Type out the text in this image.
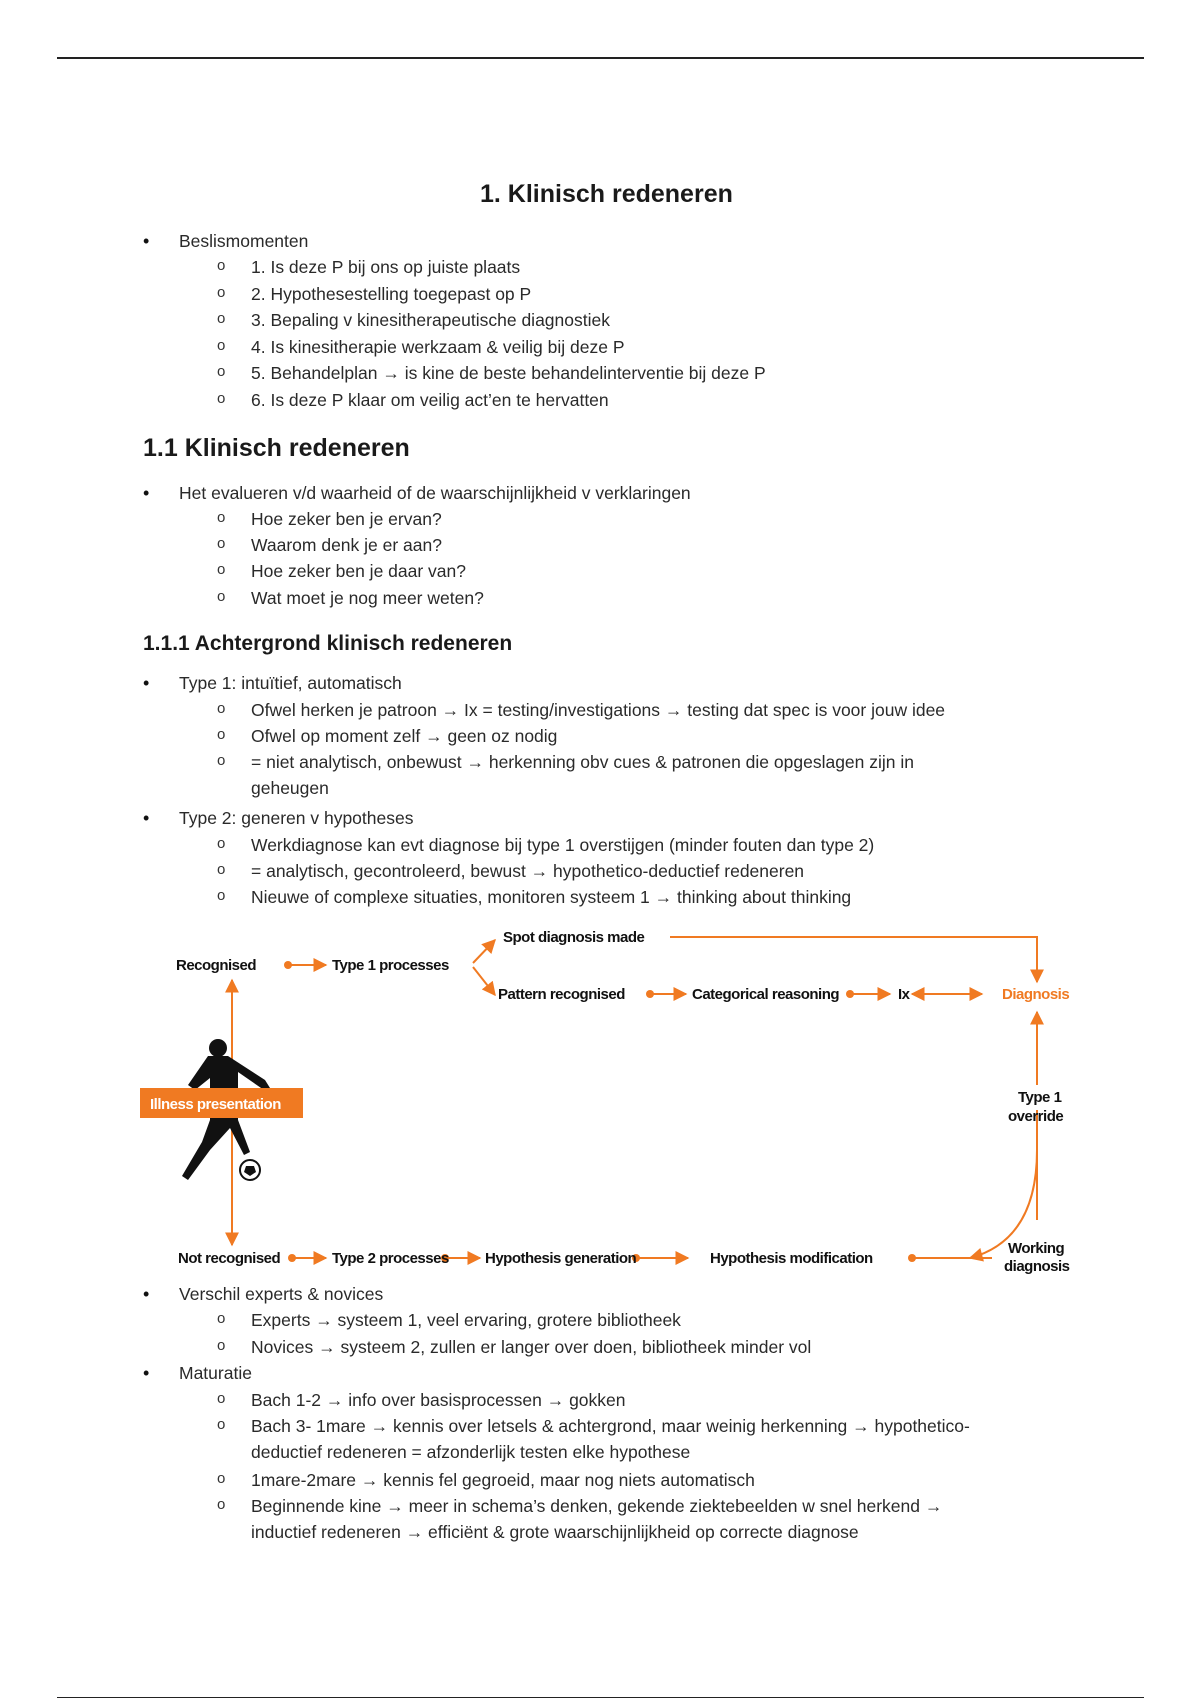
1. Klinisch redeneren
• Beslismomenten
o 1. Is deze P bij ons op juiste plaats
o 2. Hypothesestelling toegepast op P
o 3. Bepaling v kinesitherapeutische diagnostiek
o 4. Is kinesitherapie werkzaam & veilig bij deze P
o 5. Behandelplan → is kine de beste behandelinterventie bij deze P
o 6. Is deze P klaar om veilig act’en te hervatten
1.1 Klinisch redeneren
• Het evalueren v/d waarheid of de waarschijnlijkheid v verklaringen
o Hoe zeker ben je ervan?
o Waarom denk je er aan?
o Hoe zeker ben je daar van?
o Wat moet je nog meer weten?
1.1.1 Achtergrond klinisch redeneren
• Type 1: intuïtief, automatisch
o Ofwel herken je patroon → Ix = testing/investigations → testing dat spec is voor jouw idee
o Ofwel op moment zelf → geen oz nodig
o = niet analytisch, onbewust → herkenning obv cues & patronen die opgeslagen zijn in
geheugen
• Type 2: generen v hypotheses
o Werkdiagnose kan evt diagnose bij type 1 overstijgen (minder fouten dan type 2)
o = analytisch, gecontroleerd, bewust → hypothetico-deductief redeneren
o Nieuwe of complexe situaties, monitoren systeem 1 → thinking about thinking
• Verschil experts & novices
o Experts → systeem 1, veel ervaring, grotere bibliotheek
o Novices → systeem 2, zullen er langer over doen, bibliotheek minder vol
• Maturatie
o Bach 1-2 → info over basisprocessen → gokken
o Bach 3- 1mare → kennis over letsels & achtergrond, maar weinig herkenning → hypothetico-
deductief redeneren = afzonderlijk testen elke hypothese
o 1mare-2mare → kennis fel gegroeid, maar nog niets automatisch
o Beginnende kine → meer in schema’s denken, gekende ziektebeelden w snel herkend →
inductief redeneren → efficiënt & grote waarschijnlijkheid op correcte diagnose
Recognised	Type 1 processes
Spot diagnosis made
Pattern recognised	Categorical reasoning	Ix	Diagnosis
Illness presentation	Type 1
override
Not recognised	Type 2 processes Hypothesis generation	Hypothesis modification
Working
diagnosis
